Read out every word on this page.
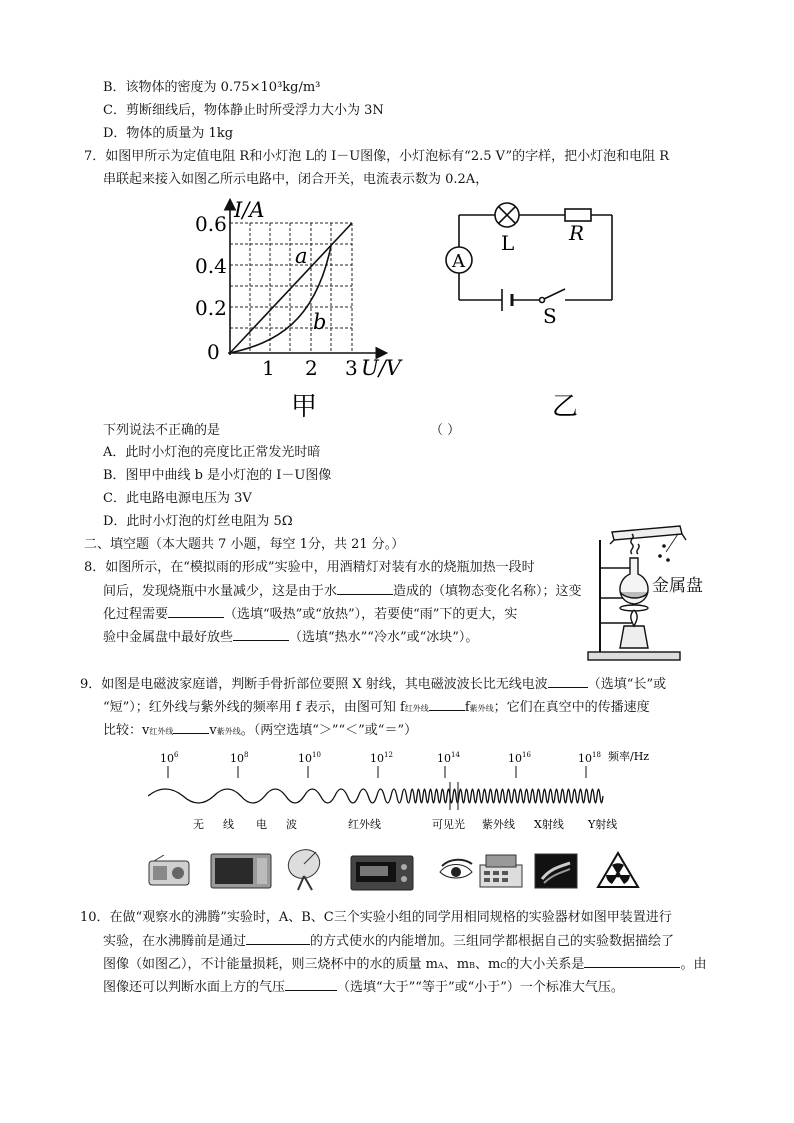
B．该物体的密度为 0.75×10³kg/m³
C．剪断细线后，物体静止时所受浮力大小为 3N
D．物体的质量为 1kg
7．如图甲所示为定值电阻 R和小灯泡 L的 I－U图像，小灯泡标有“2.5 V”的字样，把小灯泡和电阻 R
串联起来接入如图乙所示电路中，闭合开关，电流表示数为 0.2A，
I/A
0.6
0.4
0.2
0
1 2 3 U/V
a
b
甲
A
L	R
S
乙
下列说法不正确的是	（ ）
A．此时小灯泡的亮度比正常发光时暗
B．图甲中曲线 b 是小灯泡的 I－U图像
C．此电路电源电压为 3V
D．此时小灯泡的灯丝电阻为 5Ω
二、填空题（本大题共 7 小题，每空 1分，共 21 分。）
8．如图所示，在“模拟雨的形成”实验中，用酒精灯对装有水的烧瓶加热一段时
间后，发现烧瓶中水量减少，这是由于水	造成的（填物态变化名称）；这变
化过程需要	（选填“吸热”或“放热”），若要使“雨”下的更大，实
验中金属盘中最好放些	（选填“热水”“冷水”或“冰块”）。
金属盘
9．如图是电磁波家庭谱，判断手骨折部位要照 X 射线，其电磁波波长比无线电波	（选填“长”或
“短”）；红外线与紫外线的频率用 f 表示，由图可知 f红外线	f紫外线；它们在真空中的传播速度
比较：v红外线	v紫外线。（两空选填“＞”“＜”或“＝”）
$10^6$	$10^8$	$10^{10}$	$10^{12}$	$10^{14}$	$10^{16}$	$10^{18}$ 频率/Hz
无 线 电 波	红外线	可见光 紫外线 X射线 Y射线
10．在做“观察水的沸腾”实验时，A、B、C三个实验小组的同学用相同规格的实验器材如图甲装置进行
实验，在水沸腾前是通过	的方式使水的内能增加。三组同学都根据自己的实验数据描绘了
图像（如图乙），不计能量损耗，则三烧杯中的水的质量 mA、mB、mC的大小关系是	。由
图像还可以判断水面上方的气压	（选填“大于”“等于”或“小于”）一个标准大气压。
